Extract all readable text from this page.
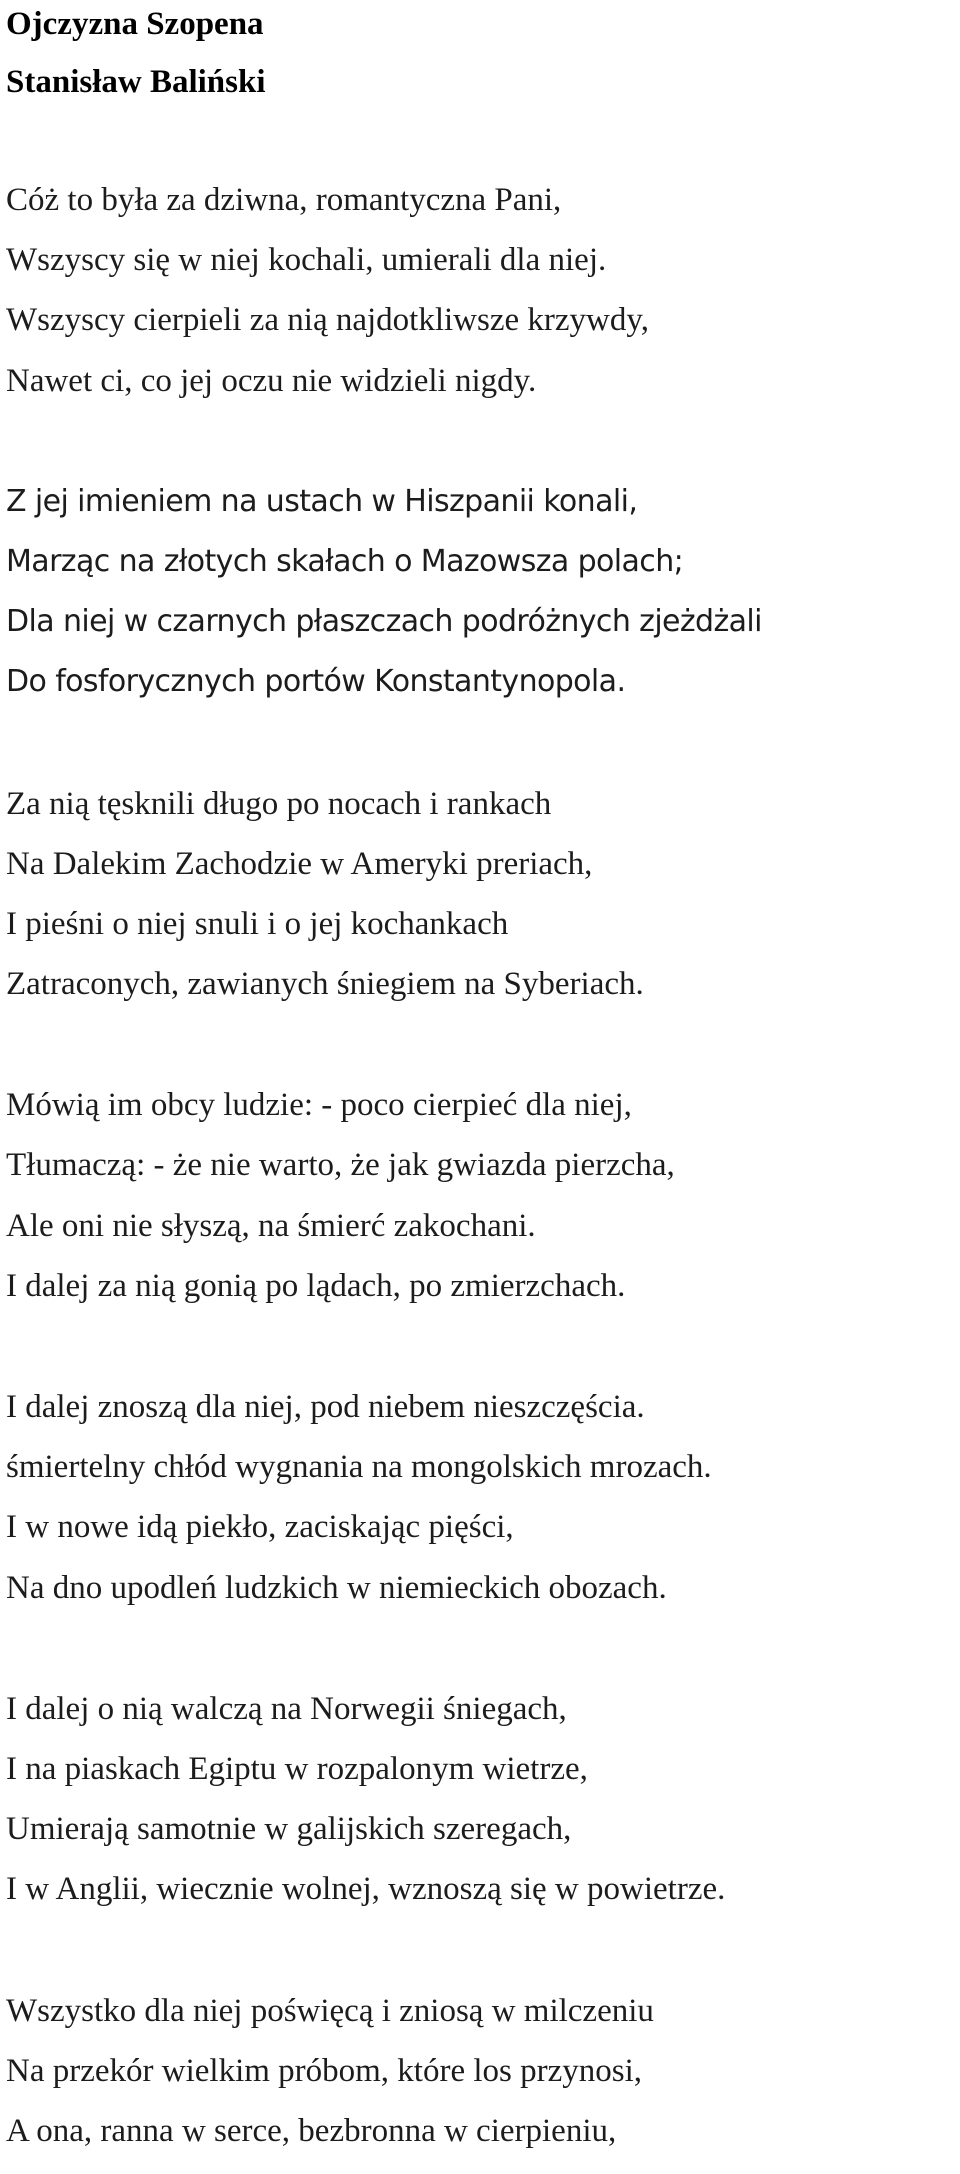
Ojczyzna Szopena
Stanisław Baliński
Cóż to była za dziwna, romantyczna Pani,
Wszyscy się w niej kochali, umierali dla niej.
Wszyscy cierpieli za nią najdotkliwsze krzywdy,
Nawet ci, co jej oczu nie widzieli nigdy.
Z jej imieniem na ustach w Hiszpanii konali,
Marząc na złotych skałach o Mazowsza polach;
Dla niej w czarnych płaszczach podróżnych zjeżdżali
Do fosforycznych portów Konstantynopola.
Za nią tęsknili długo po nocach i rankach
Na Dalekim Zachodzie w Ameryki preriach,
I pieśni o niej snuli i o jej kochankach
Zatraconych, zawianych śniegiem na Syberiach.
Mówią im obcy ludzie: - poco cierpieć dla niej,
Tłumaczą: - że nie warto, że jak gwiazda pierzcha,
Ale oni nie słyszą, na śmierć zakochani.
I dalej za nią gonią po lądach, po zmierzchach.
I dalej znoszą dla niej, pod niebem nieszczęścia.
śmiertelny chłód wygnania na mongolskich mrozach.
I w nowe idą piekło, zaciskając pięści,
Na dno upodleń ludzkich w niemieckich obozach.
I dalej o nią walczą na Norwegii śniegach,
I na piaskach Egiptu w rozpalonym wietrze,
Umierają samotnie w galijskich szeregach,
I w Anglii, wiecznie wolnej, wznoszą się w powietrze.
Wszystko dla niej poświęcą i zniosą w milczeniu
Na przekór wielkim próbom, które los przynosi,
A ona, ranna w serce, bezbronna w cierpieniu,
